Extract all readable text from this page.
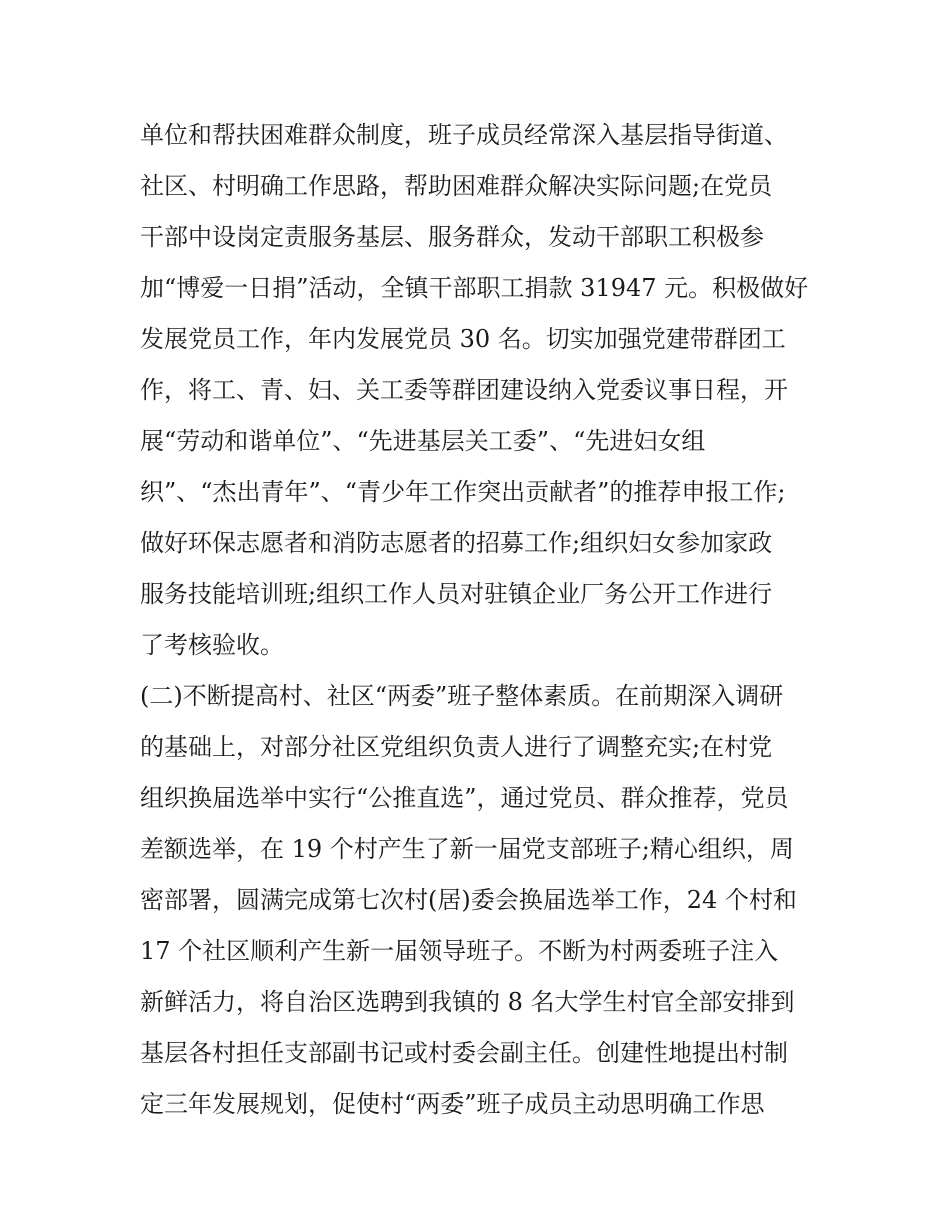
单位和帮扶困难群众制度，班子成员经常深入基层指导街道、
社区、村明确工作思路，帮助困难群众解决实际问题;在党员
干部中设岗定责服务基层、服务群众，发动干部职工积极参
加“博爱一日捐”活动，全镇干部职工捐款 31947 元。积极做好
发展党员工作，年内发展党员 30 名。切实加强党建带群团工
作，将工、青、妇、关工委等群团建设纳入党委议事日程，开
展“劳动和谐单位”、“先进基层关工委”、“先进妇女组
织”、“杰出青年”、“青少年工作突出贡献者”的推荐申报工作;
做好环保志愿者和消防志愿者的招募工作;组织妇女参加家政
服务技能培训班;组织工作人员对驻镇企业厂务公开工作进行
了考核验收。
(二)不断提高村、社区“两委”班子整体素质。在前期深入调研
的基础上，对部分社区党组织负责人进行了调整充实;在村党
组织换届选举中实行“公推直选”，通过党员、群众推荐，党员
差额选举，在 19 个村产生了新一届党支部班子;精心组织，周
密部署，圆满完成第七次村(居)委会换届选举工作，24 个村和
17 个社区顺利产生新一届领导班子。不断为村两委班子注入
新鲜活力，将自治区选聘到我镇的 8 名大学生村官全部安排到
基层各村担任支部副书记或村委会副主任。创建性地提出村制
定三年发展规划，促使村“两委”班子成员主动思明确工作思
